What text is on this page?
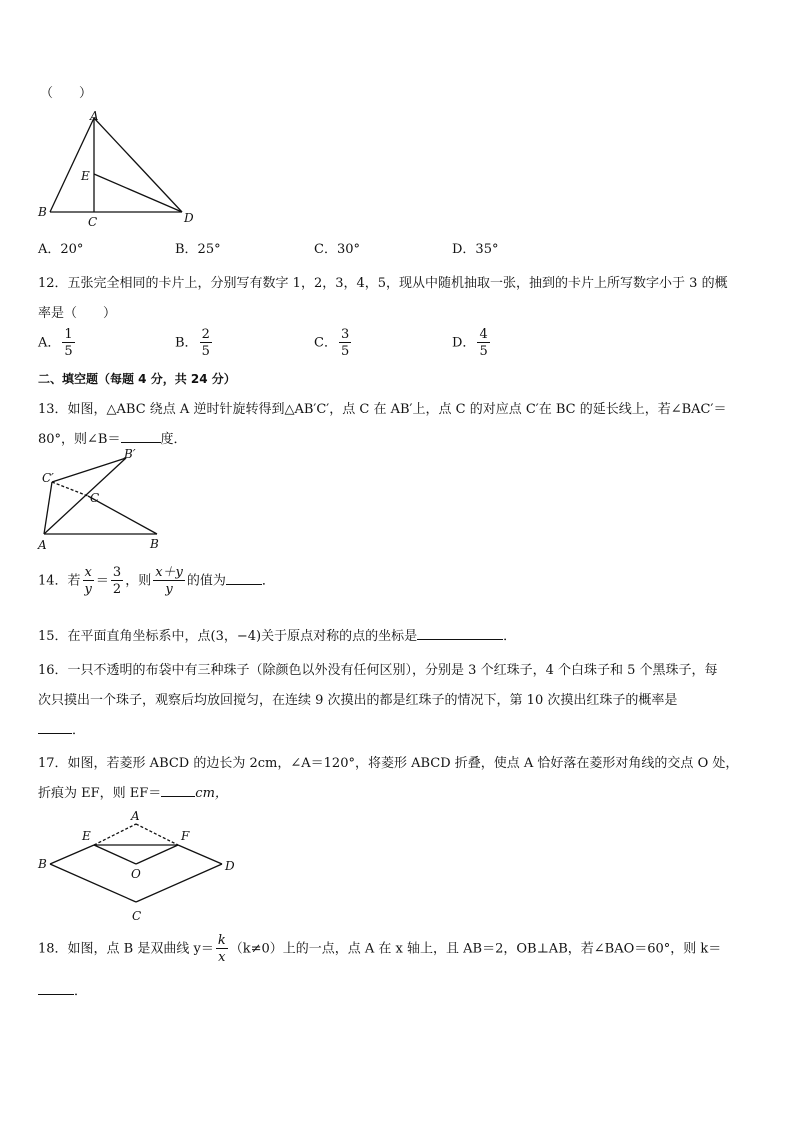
（　　）
A
B
C	D
E
A．20°	B．25°	C．30°	D．35°
12．五张完全相同的卡片上，分别写有数字 1，2，3，4，5，现从中随机抽取一张，抽到的卡片上所写数字小于 3 的概
率是（　　）
A． $\frac{1}{5}$	B． $\frac{2}{5}$	C． $\frac{3}{5}$	D． $\frac{4}{5}$
二、填空题（每题 4 分，共 24 分）
13．如图，△ABC 绕点 A 逆时针旋转得到△AB′C′，点 C 在 AB′上，点 C 的对应点 C′在 BC 的延长线上，若∠BAC′＝
80°，则∠B＝	度．
C′
B′
C
A	B
14．若 $\frac{x}{y} = \frac{3}{2}$ ，则 $\frac{x+y}{y}$ 的值为	．
15．在平面直角坐标系中，点(3，−4)关于原点对称的点的坐标是	．
16．一只不透明的布袋中有三种珠子（除颜色以外没有任何区别），分别是 3 个红珠子，4 个白珠子和 5 个黑珠子，每
次只摸出一个珠子，观察后均放回搅匀，在连续 9 次摸出的都是红珠子的情况下，第 10 次摸出红珠子的概率是
．
17．如图，若菱形 ABCD 的边长为 2cm，∠A＝120°，将菱形 ABCD 折叠，使点 A 恰好落在菱形对角线的交点 O 处，
折痕为 EF，则 EF＝	cm，
A
B
C
D
E	F
O
18．如图，点 B 是双曲线 $y= \frac{k}{x} (k\ne 0)$上的一点，点 A 在 x 轴上，且 AB＝2，OB⊥AB，若∠BAO＝60°，则 k＝
．
